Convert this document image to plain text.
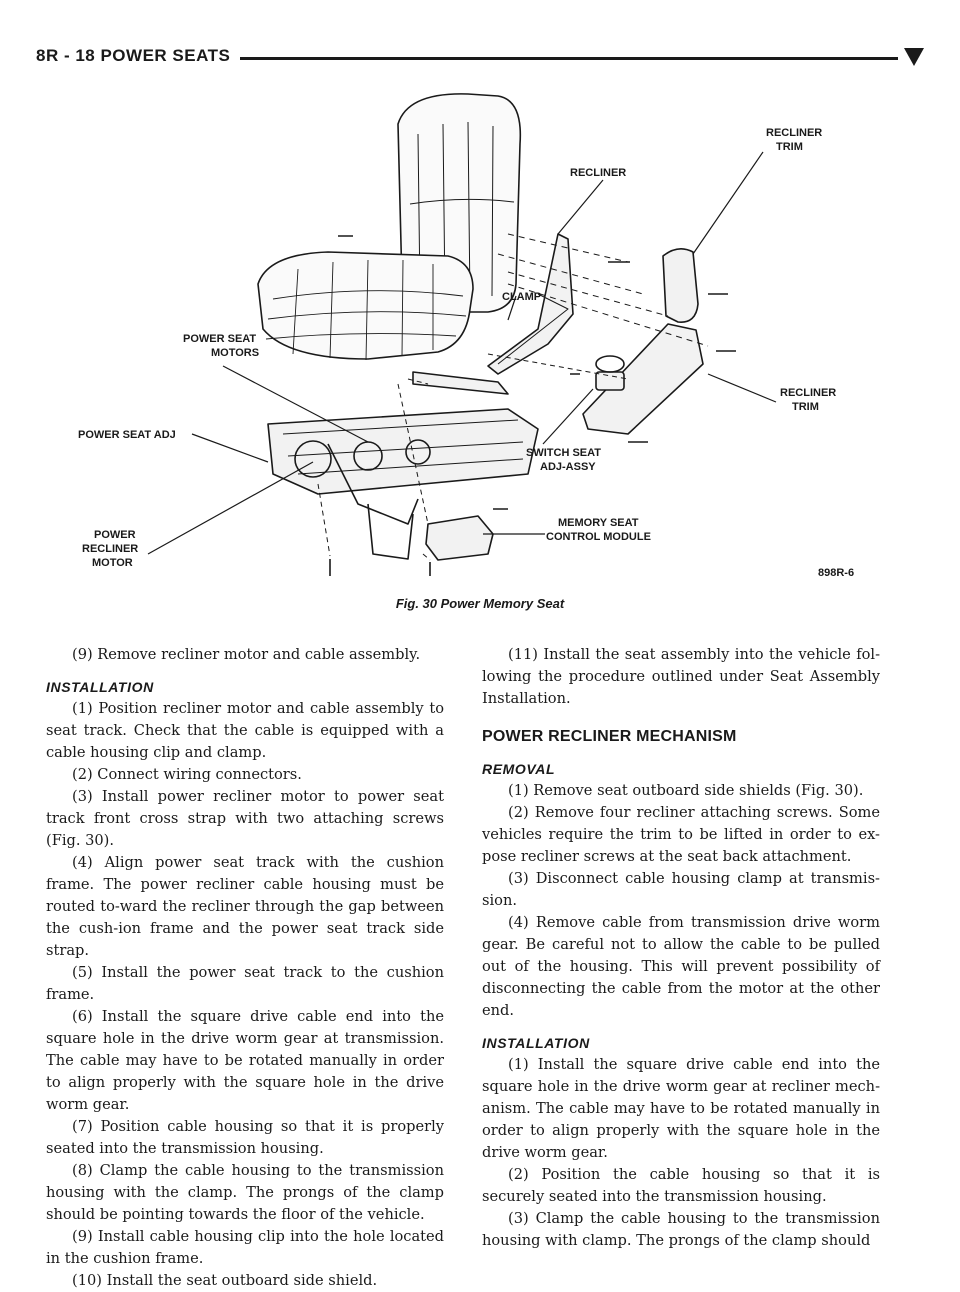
8R - 18 POWER SEATS
RECLINER
TRIM
RECLINER
CLAMP
POWER SEAT
MOTORS
RECLINER
TRIM
POWER SEAT ADJ
SWITCH SEAT
ADJ-ASSY
POWER
RECLINER
MOTOR
MEMORY SEAT
CONTROL MODULE
898R-6
Fig. 30 Power Memory Seat

(9) Remove recliner motor and cable assembly.

INSTALLATION

(1) Position recliner motor and cable assembly to seat track. Check that the cable is equipped with a cable housing clip and clamp.

(2) Connect wiring connectors.

(3) Install power recliner motor to power seat track front cross strap with two attaching screws (Fig. 30).

(4) Align power seat track with the cushion frame. The power recliner cable housing must be routed to-ward the recliner through the gap between the cush-ion frame and the power seat track side strap.

(5) Install the power seat track to the cushion frame.

(6) Install the square drive cable end into the square hole in the drive worm gear at transmission. The cable may have to be rotated manually in order to align properly with the square hole in the drive worm gear.

(7) Position cable housing so that it is properly seated into the transmission housing.

(8) Clamp the cable housing to the transmission housing with the clamp. The prongs of the clamp should be pointing towards the floor of the vehicle.

(9) Install cable housing clip into the hole located in the cushion frame.

(10) Install the seat outboard side shield.

(11) Install the seat assembly into the vehicle fol-lowing the procedure outlined under Seat Assembly Installation.

POWER RECLINER MECHANISM
REMOVAL

(1) Remove seat outboard side shields (Fig. 30).

(2) Remove four recliner attaching screws. Some vehicles require the trim to be lifted in order to ex-pose recliner screws at the seat back attachment.

(3) Disconnect cable housing clamp at transmis-sion.

(4) Remove cable from transmission drive worm gear. Be careful not to allow the cable to be pulled out of the housing. This will prevent possibility of disconnecting the cable from the motor at the other end.

INSTALLATION

(1) Install the square drive cable end into the square hole in the drive worm gear at recliner mech-anism. The cable may have to be rotated manually in order to align properly with the square hole in the drive worm gear.

(2) Position the cable housing so that it is securely seated into the transmission housing.

(3) Clamp the cable housing to the transmission housing with clamp. The prongs of the clamp should
